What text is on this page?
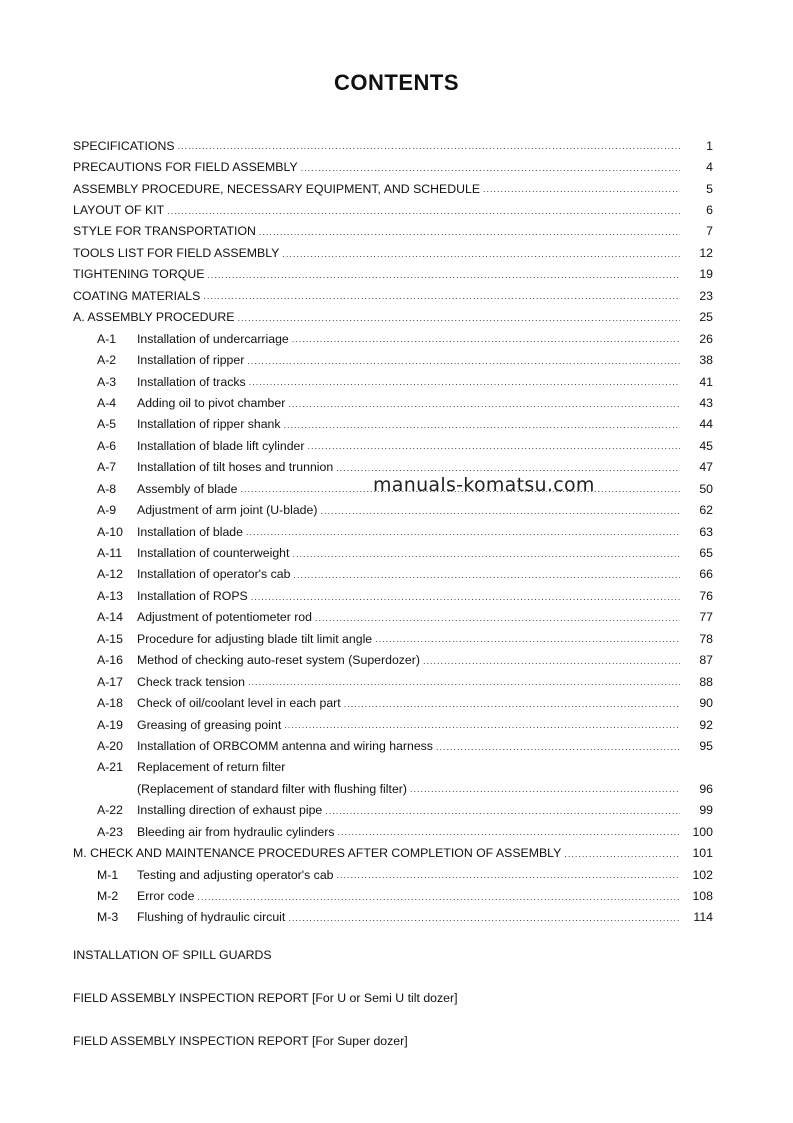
CONTENTS
SPECIFICATIONS .....	1
PRECAUTIONS FOR FIELD ASSEMBLY .....	4
ASSEMBLY PROCEDURE, NECESSARY EQUIPMENT, AND SCHEDULE .....	5
LAYOUT OF KIT .....	6
STYLE FOR TRANSPORTATION .....	7
TOOLS LIST FOR FIELD ASSEMBLY .....	12
TIGHTENING TORQUE .....	19
COATING MATERIALS .....	23
A. ASSEMBLY PROCEDURE .....	25
A-1	Installation of undercarriage .....	26
A-2	Installation of ripper .....	38
A-3	Installation of tracks .....	41
A-4	Adding oil to pivot chamber .....	43
A-5	Installation of ripper shank .....	44
A-6	Installation of blade lift cylinder .....	45
A-7	Installation of tilt hoses and trunnion .....	47
A-8	Assembly of blade .....	50
A-9	Adjustment of arm joint (U-blade) .....	62
A-10	Installation of blade .....	63
A-11	Installation of counterweight .....	65
A-12	Installation of operator's cab .....	66
A-13	Installation of ROPS .....	76
A-14	Adjustment of potentiometer rod .....	77
A-15	Procedure for adjusting blade tilt limit angle .....	78
A-16	Method of checking auto-reset system (Superdozer) .....	87
A-17	Check track tension .....	88
A-18	Check of oil/coolant level in each part .....	90
A-19	Greasing of greasing point .....	92
A-20	Installation of ORBCOMM antenna and wiring harness .....	95
A-21	Replacement of return filter
(Replacement of standard filter with flushing filter) .....	96
A-22	Installing direction of exhaust pipe .....	99
A-23	Bleeding air from hydraulic cylinders .....	100
M. CHECK AND MAINTENANCE PROCEDURES AFTER COMPLETION OF ASSEMBLY .....	101
M-1	Testing and adjusting operator's cab .....	102
M-2	Error code .....	108
M-3	Flushing of hydraulic circuit .....	114
INSTALLATION OF SPILL GUARDS
FIELD ASSEMBLY INSPECTION REPORT [For U or Semi U tilt dozer]
FIELD ASSEMBLY INSPECTION REPORT [For Super dozer]
manuals-komatsu.com
